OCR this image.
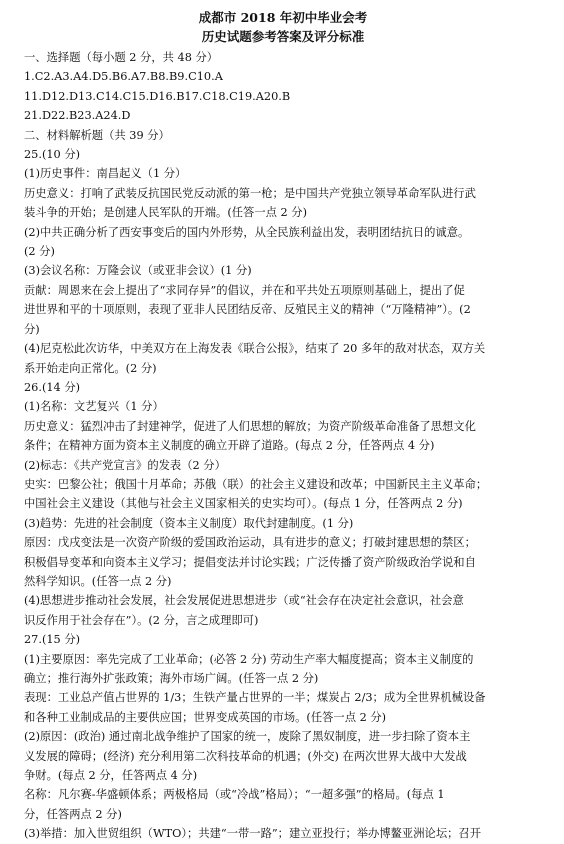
成都市 2018 年初中毕业会考
历史试题参考答案及评分标准
一、选择题（每小题 2 分，共 48 分）
1.C2.A3.A4.D5.B6.A7.B8.B9.C10.A
11.D12.D13.C14.C15.D16.B17.C18.C19.A20.B
21.D22.B23.A24.D
二、材料解析题（共 39 分）
25.(10 分)
(1)历史事件：南昌起义（1 分）
历史意义：打响了武装反抗国民党反动派的第一枪；是中国共产党独立领导革命军队进行武
装斗争的开始；是创建人民军队的开端。(任答一点 2 分)
(2)中共正确分析了西安事变后的国内外形势，从全民族利益出发，表明团结抗日的诚意。
(2 分)
(3)会议名称：万隆会议（或亚非会议）(1 分)
贡献：周恩来在会上提出了“求同存异”的倡议，并在和平共处五项原则基础上，提出了促
进世界和平的十项原则，表现了亚非人民团结反帝、反殖民主义的精神（“万隆精神”）。(2
分)
(4)尼克松此次访华，中美双方在上海发表《联合公报》，结束了 20 多年的敌对状态，双方关
系开始走向正常化。(2 分)
26.(14 分)
(1)名称：文艺复兴（1 分）
历史意义：猛烈冲击了封建神学，促进了人们思想的解放；为资产阶级革命准备了思想文化
条件；在精神方面为资本主义制度的确立开辟了道路。(每点 2 分，任答两点 4 分)
(2)标志：《共产党宣言》的发表（2 分）
史实：巴黎公社；俄国十月革命；苏俄（联）的社会主义建设和改革；中国新民主主义革命；
中国社会主义建设（其他与社会主义国家相关的史实均可）。(每点 1 分，任答两点 2 分)
(3)趋势：先进的社会制度（资本主义制度）取代封建制度。(1 分)
原因：戊戌变法是一次资产阶级的爱国政治运动，具有进步的意义；打破封建思想的禁区；
积极倡导变革和向资本主义学习；提倡变法并讨论实践；广泛传播了资产阶级政治学说和自
然科学知识。(任答一点 2 分)
(4)思想进步推动社会发展，社会发展促进思想进步（或“社会存在决定社会意识，社会意
识反作用于社会存在”）。(2 分，言之成理即可)
27.(15 分)
(1)主要原因：率先完成了工业革命；(必答 2 分) 劳动生产率大幅度提高；资本主义制度的
确立；推行海外扩张政策；海外市场广阔。(任答一点 2 分)
表现：工业总产值占世界的 1/3；生铁产量占世界的一半；煤炭占 2/3；成为全世界机械设备
和各种工业制成品的主要供应国；世界变成英国的市场。(任答一点 2 分)
(2)原因：(政治) 通过南北战争维护了国家的统一，废除了黑奴制度，进一步扫除了资本主
义发展的障碍；(经济) 充分利用第二次科技革命的机遇；(外交) 在两次世界大战中大发战
争财。(每点 2 分，任答两点 4 分)
名称：凡尔赛-华盛顿体系；两极格局（或“冷战”格局）；“一超多强”的格局。(每点 1
分，任答两点 2 分)
(3)举措：加入世贸组织（WTO）；共建“一带一路”；建立亚投行；举办博鳌亚洲论坛；召开
